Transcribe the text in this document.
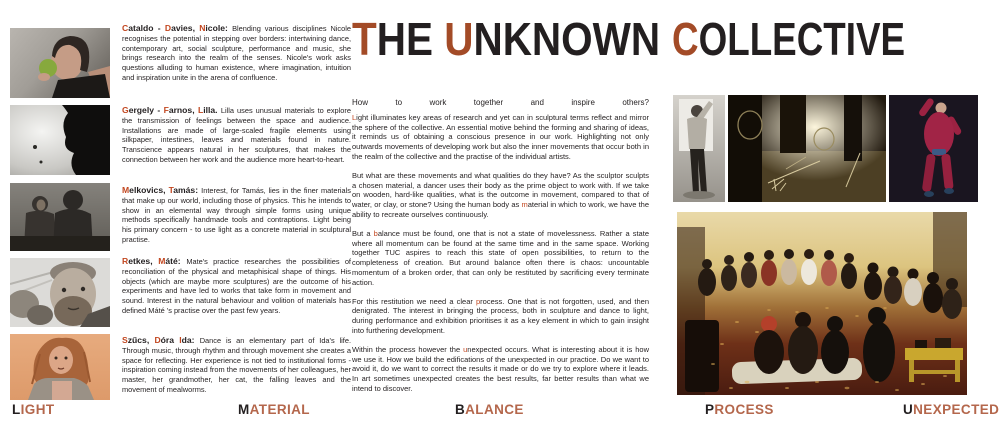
Cataldo - Davies, Nicole: Blending various disciplines Nicole recognises the potential in stepping over borders: intertwining dance, contemporary art, social sculpture, performance and music, she brings research into the realm of the senses. Nicole's work asks questions alluding to human existence, where imagination, intuition and inspiration unite in the arena of confluence.

Gergely - Farnos, Lilla. Lilla uses unusual materials to explore the transmission of feelings between the space and audience. Installations are made of large-scaled fragile elements using silkpaper, intestines, leaves and materials found in nature. Transcience appears natural in her sculptures, that makes the connection between her work and the audience more heart-to-heart.

Melkovics, Tamás: Interest, for Tamás, lies in the finer materials that make up our world, including those of physics. This he intends to show in an elemental way through simple forms using unique methods specifically handmade tools and contraptions. Light being his primary concern - to use light as a concrete material in sculptural practise.

Retkes, Máté: Mate's practice researches the possibilities of reconciliation of the physical and metaphisical shape of things. His objects (which are maybe more sculptures) are the outcome of his experiments and have led to works that take form in movement and sound. Interest in the natural behaviour and volition of materials has defined Máté 's practise over the past few years.

Szűcs, Dóra Ida: Dance is an elementary part of Ida's life. Through music, through rhythm and through movement she creates a space for reflecting. Her experience is not tied to institutional forms - inspiration coming instead from the movements of her colleagues, her master, her grandmother, her cat, the falling leaves and the movement of mealworms.

THE UNKNOWN
How to work together and inspire others?

Light illuminates key areas of research and yet can in sculptural terms reflect and mirror the sphere of the collective. An essential motive behind the forming and sharing of ideas, it reminds us of obtaining a conscious presence in our work. Highlighting not only outwards movements of developing work but also the inner movements that occur both in the realm of the collective and the practise of the individual artists.

But what are these movements and what qualities do they have? As the sculptor sculpts a chosen material, a dancer uses their body as the prime object to work with. If we take on wooden, hard-like qualities, what is the outcome in movement, compared to that of water, or clay, or stone? Using the human body as material in which to work, we have the ability to recreate ourselves continuously.

But a balance must be found, one that is not a state of movelessness. Rather a state where all momentum can be found at the same time and in the same space. Working together TUC aspires to reach this state of open possibilities, to return to the completeness of creation. But around balance often there is chaos: uncountable momentum of a broken order, that can only be restituted by sacrificing every terminate action.

For this restitution we need a clear process. One that is not forgotten, used, and then denigrated. The interest in bringing the process, both in sculpture and dance to light, during performance and exhibition prioritises it as a key element in which to gain insight into furthering development.

Within the process however the unexpected occurs. What is interesting about it is how we use it. How we build the edifications of the unexpected in our practice. Do we want to avoid it, do we want to correct the results it made or do we try to explore where it leads. In art sometimes unexpected creates the best results, far better results than what we intend to discover.

COLLECTIVE
LIGHT	MATERIAL	BALANCE	PROCESS	UNEXPECTED
